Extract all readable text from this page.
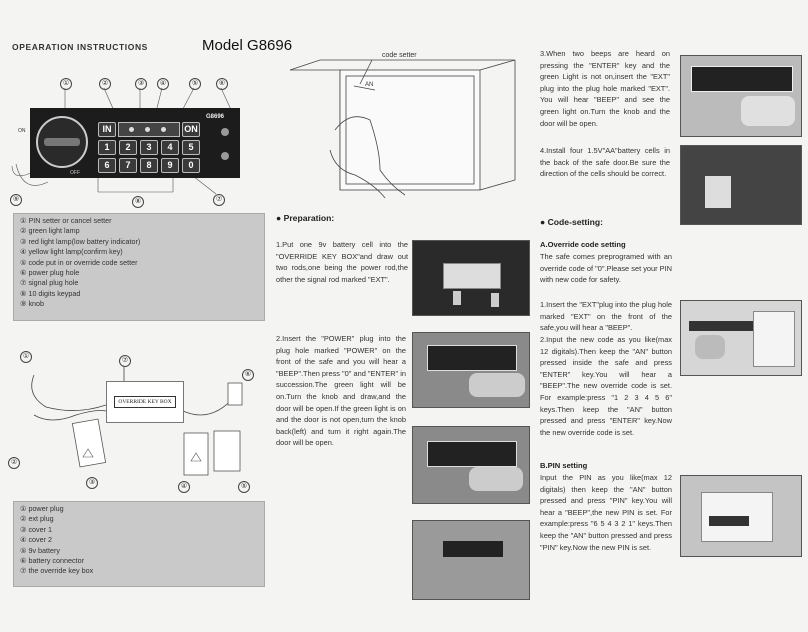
OPEARATION INSTRUCTIONS	Model G8696
①	②	③	④	⑤	⑥
⑨	⑧	⑦
ON
OFF
IN	ON
G8696
1	2	3	4	5
6	7	8	9	0
① PIN setter or cancel setter
② green light lamp
③ red light lamp(low battery indicator)
④ yellow light lamp(confirm key)
⑤ code put in or override code setter
⑥ power plug hole
⑦ signal plug hole
⑧ 10 digits keypad
⑨ knob
①
⑦
⑥
②
③
④	⑤
OVERRIDE KEY BOX
① power plug
② ext plug
③ cover 1
④ cover 2
⑤ 9v battery
⑥ battery connector
⑦ the override key box
code setter
AN
● Preparation:
1.Put one 9v battery cell into the "OVERRIDE KEY BOX"and draw out two rods,one being the power rod,the other the signal rod marked "EXT".
2.Insert the "POWER" plug into the plug hole marked "POWER" on the front of the safe and you will hear a "BEEP".Then press "0" and "ENTER" in succession.The green light will be on.Turn the knob and draw,and the door will be open.If the green light is on and the door is not open,turn the knob back(left) and turn it right again.The door will be open.
3.When two beeps are heard on pressing the "ENTER" key and the green Light is not on,insert the "EXT" plug into the plug hole marked "EXT". You will hear "BEEP" and see the green light on.Turn the knob and the door will be open.
4.Install four 1.5V"AA"battery cells in the back of the safe door.Be sure the direction of the cells should be correct.
● Code-setting:
A.Override code setting
The safe comes preprogramed with an override code of "0".Please set your PIN with new code for safety.
1.Insert the "EXT"plug into the plug hole marked "EXT" on the front of the safe,you will hear a "BEEP".
2.Input the new code as you like(max 12 digitals).Then keep the "AN" button pressed inside the safe and press "ENTER" key.You will hear a "BEEP".The new override code is set. For example:press "1 2 3 4 5 6" keys.Then keep the "AN" button pressed and press "ENTER" key.Now the new override code is set.
B.PIN setting
Input the PIN as you like(max 12 digitals) then keep the "AN" button pressed and press "PIN" key.You will hear a "BEEP",the new PIN is set. For example:press "6 5 4 3 2 1" keys.Then keep the "AN" button pressed and press "PIN" key.Now the new PIN is set.
